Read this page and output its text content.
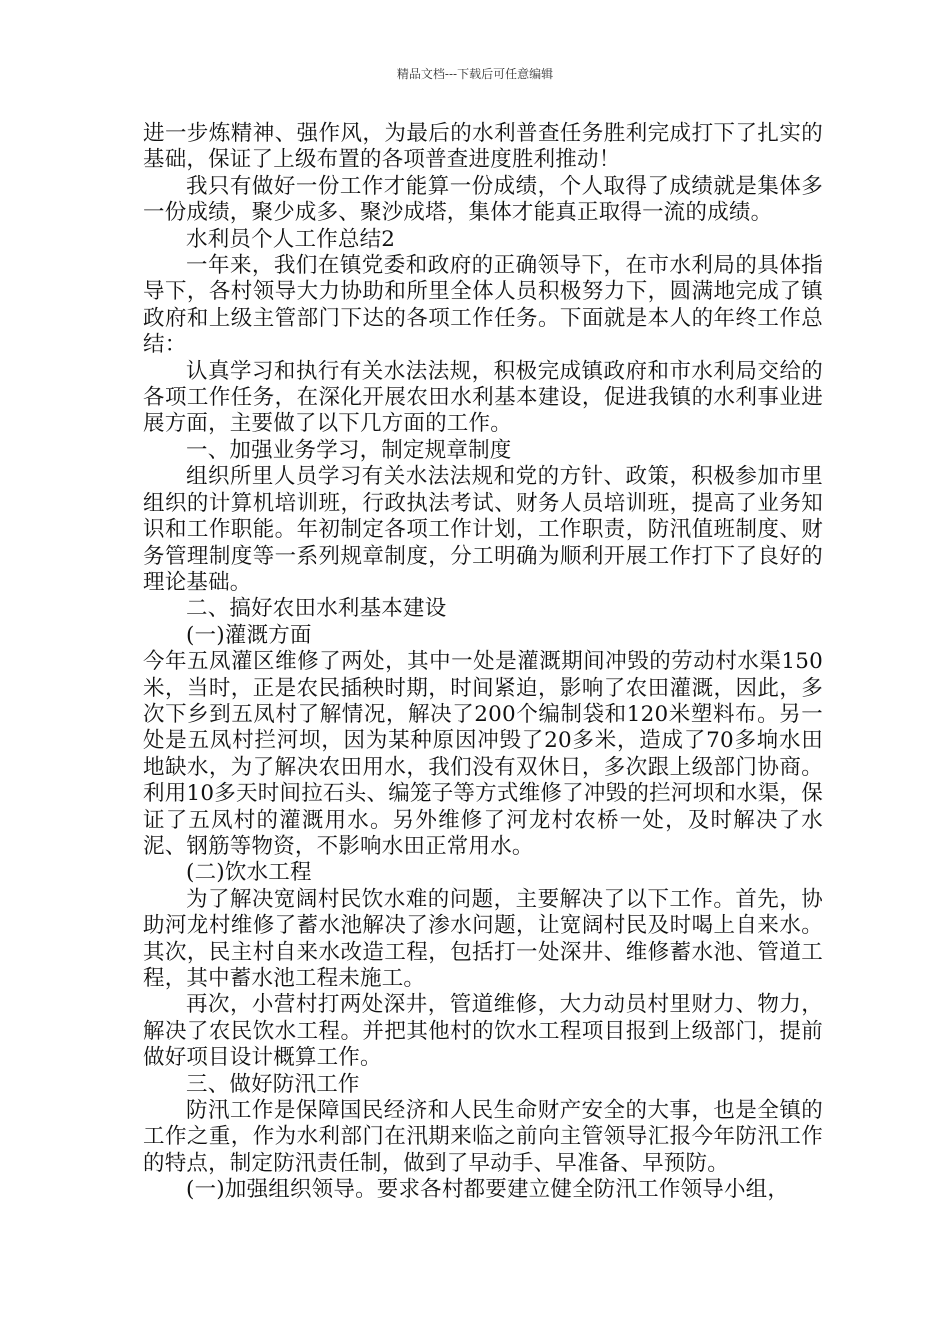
精品文档---下载后可任意编辑

进一步炼精神、强作风，为最后的水利普查任务胜利完成打下了扎实的基础，保证了上级布置的各项普查进度胜利推动！

我只有做好一份工作才能算一份成绩，个人取得了成绩就是集体多一份成绩，聚少成多、聚沙成塔，集体才能真正取得一流的成绩。

水利员个人工作总结2

一年来，我们在镇党委和政府的正确领导下，在市水利局的具体指导下，各村领导大力协助和所里全体人员积极努力下，圆满地完成了镇政府和上级主管部门下达的各项工作任务。下面就是本人的年终工作总结：

认真学习和执行有关水法法规，积极完成镇政府和市水利局交给的各项工作任务，在深化开展农田水利基本建设，促进我镇的水利事业进展方面，主要做了以下几方面的工作。

一、加强业务学习，制定规章制度

组织所里人员学习有关水法法规和党的方针、政策，积极参加市里组织的计算机培训班，行政执法考试、财务人员培训班，提高了业务知识和工作职能。年初制定各项工作计划，工作职责，防汛值班制度、财务管理制度等一系列规章制度，分工明确为顺利开展工作打下了良好的理论基础。

二、搞好农田水利基本建设

(一)灌溉方面

今年五凤灌区维修了两处，其中一处是灌溉期间冲毁的劳动村水渠150米，当时，正是农民插秧时期，时间紧迫，影响了农田灌溉，因此，多次下乡到五凤村了解情况，解决了200个编制袋和120米塑料布。另一处是五凤村拦河坝，因为某种原因冲毁了20多米，造成了70多垧水田地缺水，为了解决农田用水，我们没有双休日，多次跟上级部门协商。利用10多天时间拉石头、编笼子等方式维修了冲毁的拦河坝和水渠，保证了五凤村的灌溉用水。另外维修了河龙村农桥一处，及时解决了水泥、钢筋等物资，不影响水田正常用水。

(二)饮水工程

为了解决宽阔村民饮水难的问题，主要解决了以下工作。首先，协助河龙村维修了蓄水池解决了渗水问题，让宽阔村民及时喝上自来水。其次，民主村自来水改造工程，包括打一处深井、维修蓄水池、管道工程，其中蓄水池工程未施工。

再次，小营村打两处深井，管道维修，大力动员村里财力、物力，解决了农民饮水工程。并把其他村的饮水工程项目报到上级部门，提前做好项目设计概算工作。

三、做好防汛工作

防汛工作是保障国民经济和人民生命财产安全的大事，也是全镇的工作之重，作为水利部门在汛期来临之前向主管领导汇报今年防汛工作的特点，制定防汛责任制，做到了早动手、早准备、早预防。

(一)加强组织领导。要求各村都要建立健全防汛工作领导小组，
